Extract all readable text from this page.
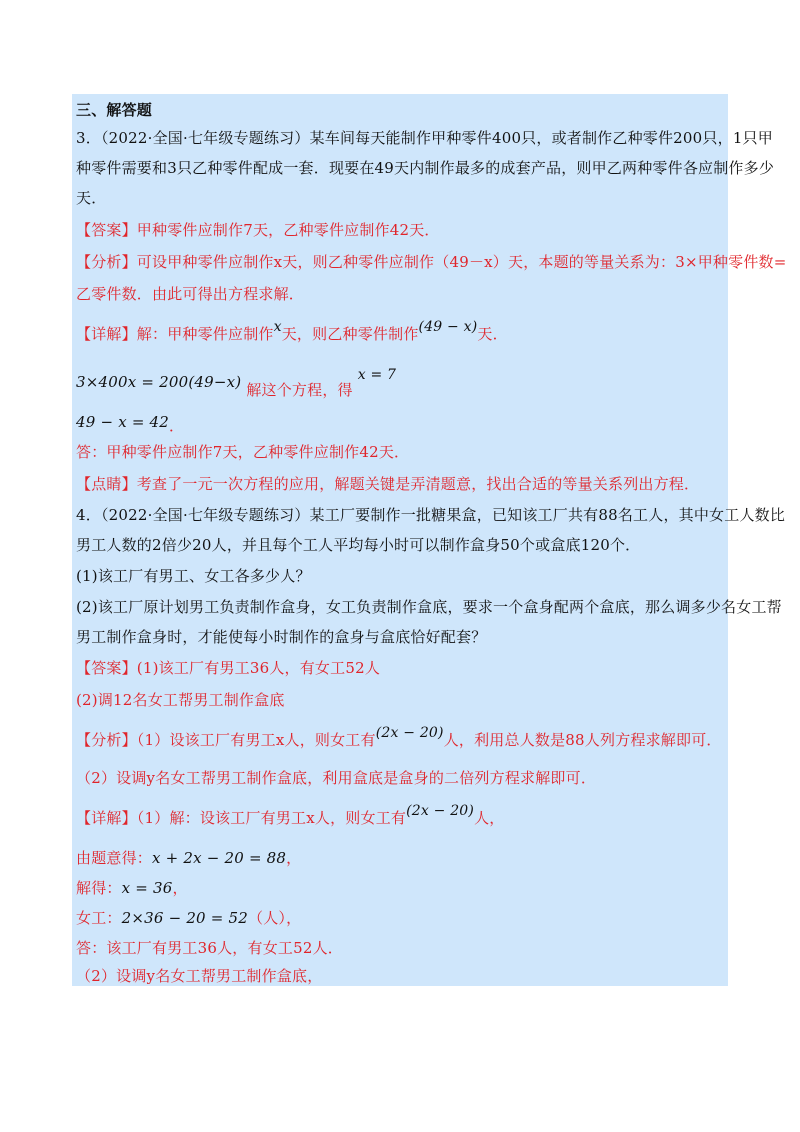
三、解答题
3．（2022·全国·七年级专题练习）某车间每天能制作甲种零件400只，或者制作乙种零件200只，1只甲
种零件需要和3只乙种零件配成一套．现要在49天内制作最多的成套产品，则甲乙两种零件各应制作多少
天．
【答案】甲种零件应制作7天，乙种零件应制作42天．
【分析】可设甲种零件应制作x天，则乙种零件应制作（49－x）天，本题的等量关系为：3×甲种零件数=
乙零件数．由此可得出方程求解．
【详解】解：甲种零件应制作x天，则乙种零件制作(49 − x)天．
3×400x = 200(49−x) 解这个方程，得 x = 7
49 − x = 42．
答：甲种零件应制作7天，乙种零件应制作42天．
【点睛】考查了一元一次方程的应用，解题关键是弄清题意，找出合适的等量关系列出方程．
4．（2022·全国·七年级专题练习）某工厂要制作一批糖果盒，已知该工厂共有88名工人，其中女工人数比
男工人数的2倍少20人，并且每个工人平均每小时可以制作盒身50个或盒底120个．
(1)该工厂有男工、女工各多少人？
(2)该工厂原计划男工负责制作盒身，女工负责制作盒底，要求一个盒身配两个盒底，那么调多少名女工帮
男工制作盒身时，才能使每小时制作的盒身与盒底恰好配套？
【答案】(1)该工厂有男工36人，有女工52人
(2)调12名女工帮男工制作盒底
【分析】（1）设该工厂有男工x人，则女工有(2x − 20)人，利用总人数是88人列方程求解即可．
（2）设调y名女工帮男工制作盒底，利用盒底是盒身的二倍列方程求解即可．
【详解】（1）解：设该工厂有男工x人，则女工有(2x − 20)人，
由题意得：x + 2x − 20 = 88，
解得：x = 36，
女工：2×36 − 20 = 52（人），
答：该工厂有男工36人，有女工52人．
（2）设调y名女工帮男工制作盒底，
